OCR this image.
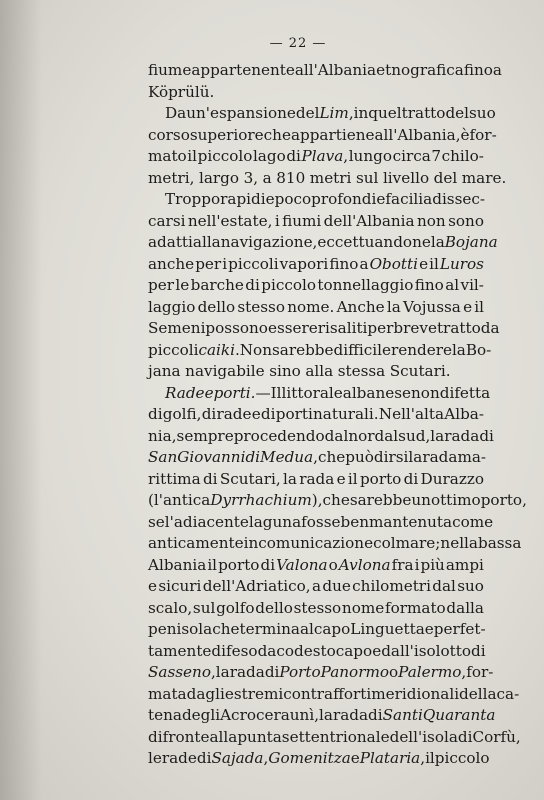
— 22 —
fiume appartenente all'Albania etnografica fino a
Köprülü.
Da un'espansione del Lim, in quel tratto del suo
corso superiore che appartiene all'Albania, è for-
mato il piccolo lago di Plava, lungo circa 7 chilo-
metri, largo 3, a 810 metri sul livello del mare.
Troppo rapidi e poco profondi e facili a dissec-
carsi nell'estate, i fiumi dell'Albania non sono
adatti alla navigazione, eccettuandone la Bojana
anche per i piccoli vapori fino a Obotti e il Luros
per le barche di piccolo tonnellaggio fino al vil-
laggio dello stesso nome. Anche la Vojussa e il
Semeni possono essere risaliti per breve tratto da
piccoli caiki. Non sarebbe difficile rendere la Bo-
jana navigabile sino alla stessa Scutari.
Rade e porti. — Il littorale albanese non difetta
di golfi, di rade e di porti naturali. Nell'alta Alba-
nia, sempre procedendo dal nord al sud, la rada di
San Giovanni di Medua, che può dirsi la rada ma-
rittima di Scutari, la rada e il porto di Durazzo
(l'antica Dyrrhachium), che sarebbe un ottimo porto,
se l'adiacente laguna fosse ben mantenuta come
anticamente in comunicazione col mare; nella bassa
Albania il porto di Valona o Avlona fra i più ampi
e sicuri dell'Adriatico, a due chilometri dal suo
scalo, sul golfo dello stesso nome formato dalla
penisola che termina al capo Linguetta e perfet-
tamente difeso da codesto capo e dall'isolotto di
Sasseno, la rada di Porto Panormo o Palermo, for-
mata dagli estremi contrafforti meridionali della ca-
tena degli Acroceraunì, la rada di Santi Quaranta
di fronte alla punta settentrionale dell'isola di Corfù,
le rade di Sajada, Gomenitza e Plataria, il piccolo
